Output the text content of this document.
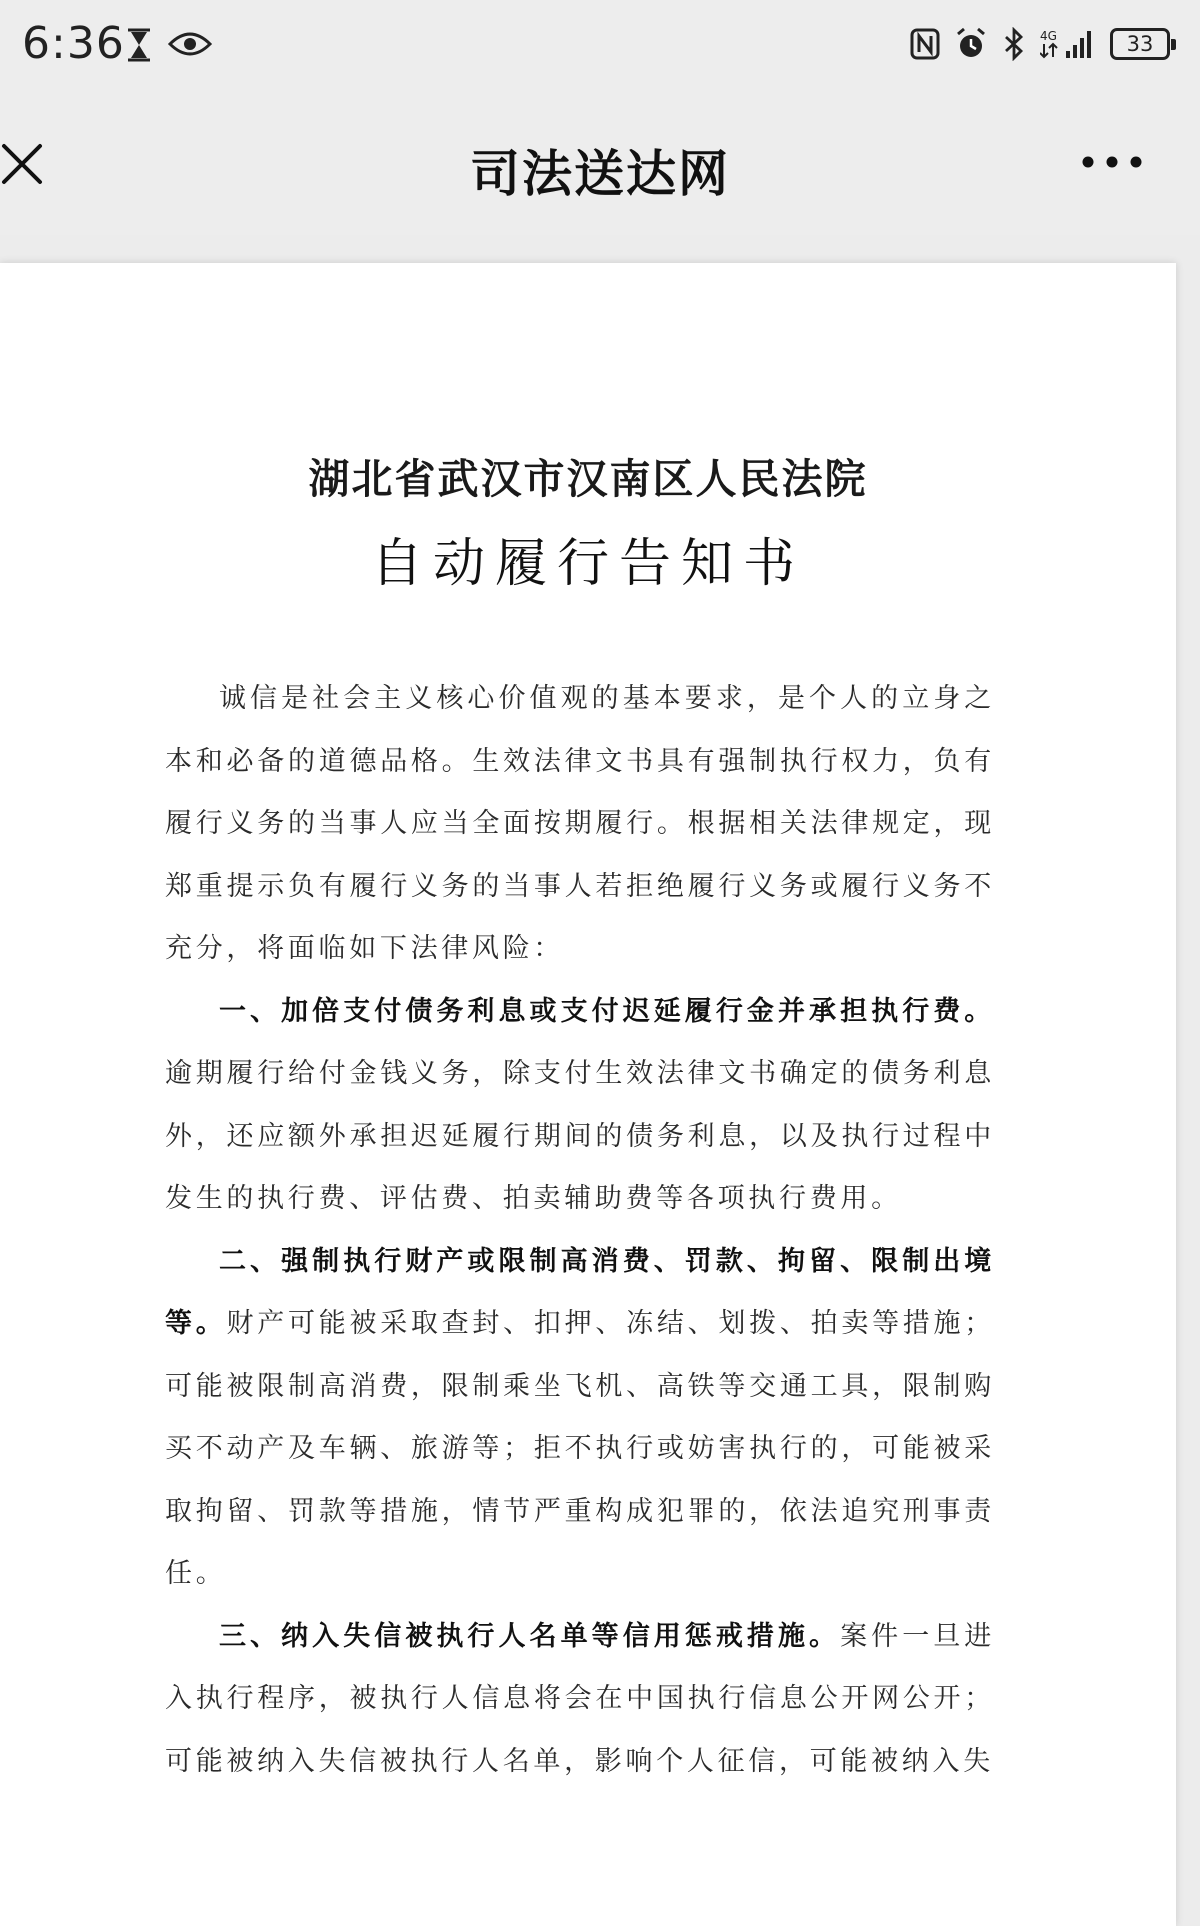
6:36	4G	33
司法送达网
湖北省武汉市汉南区人民法院
自动履行告知书

诚信是社会主义核心价值观的基本要求，是个人的立身之本和必备的道德品格。生效法律文书具有强制执行权力，负有履行义务的当事人应当全面按期履行。根据相关法律规定，现郑重提示负有履行义务的当事人若拒绝履行义务或履行义务不充分，将面临如下法律风险：

一、加倍支付债务利息或支付迟延履行金并承担执行费。逾期履行给付金钱义务，除支付生效法律文书确定的债务利息外，还应额外承担迟延履行期间的债务利息，以及执行过程中发生的执行费、评估费、拍卖辅助费等各项执行费用。

二、强制执行财产或限制高消费、罚款、拘留、限制出境等。财产可能被采取查封、扣押、冻结、划拨、拍卖等措施；可能被限制高消费，限制乘坐飞机、高铁等交通工具，限制购买不动产及车辆、旅游等；拒不执行或妨害执行的，可能被采取拘留、罚款等措施，情节严重构成犯罪的，依法追究刑事责任。

三、纳入失信被执行人名单等信用惩戒措施。案件一旦进入执行程序，被执行人信息将会在中国执行信息公开网公开；可能被纳入失信被执行人名单，影响个人征信，可能被纳入失
